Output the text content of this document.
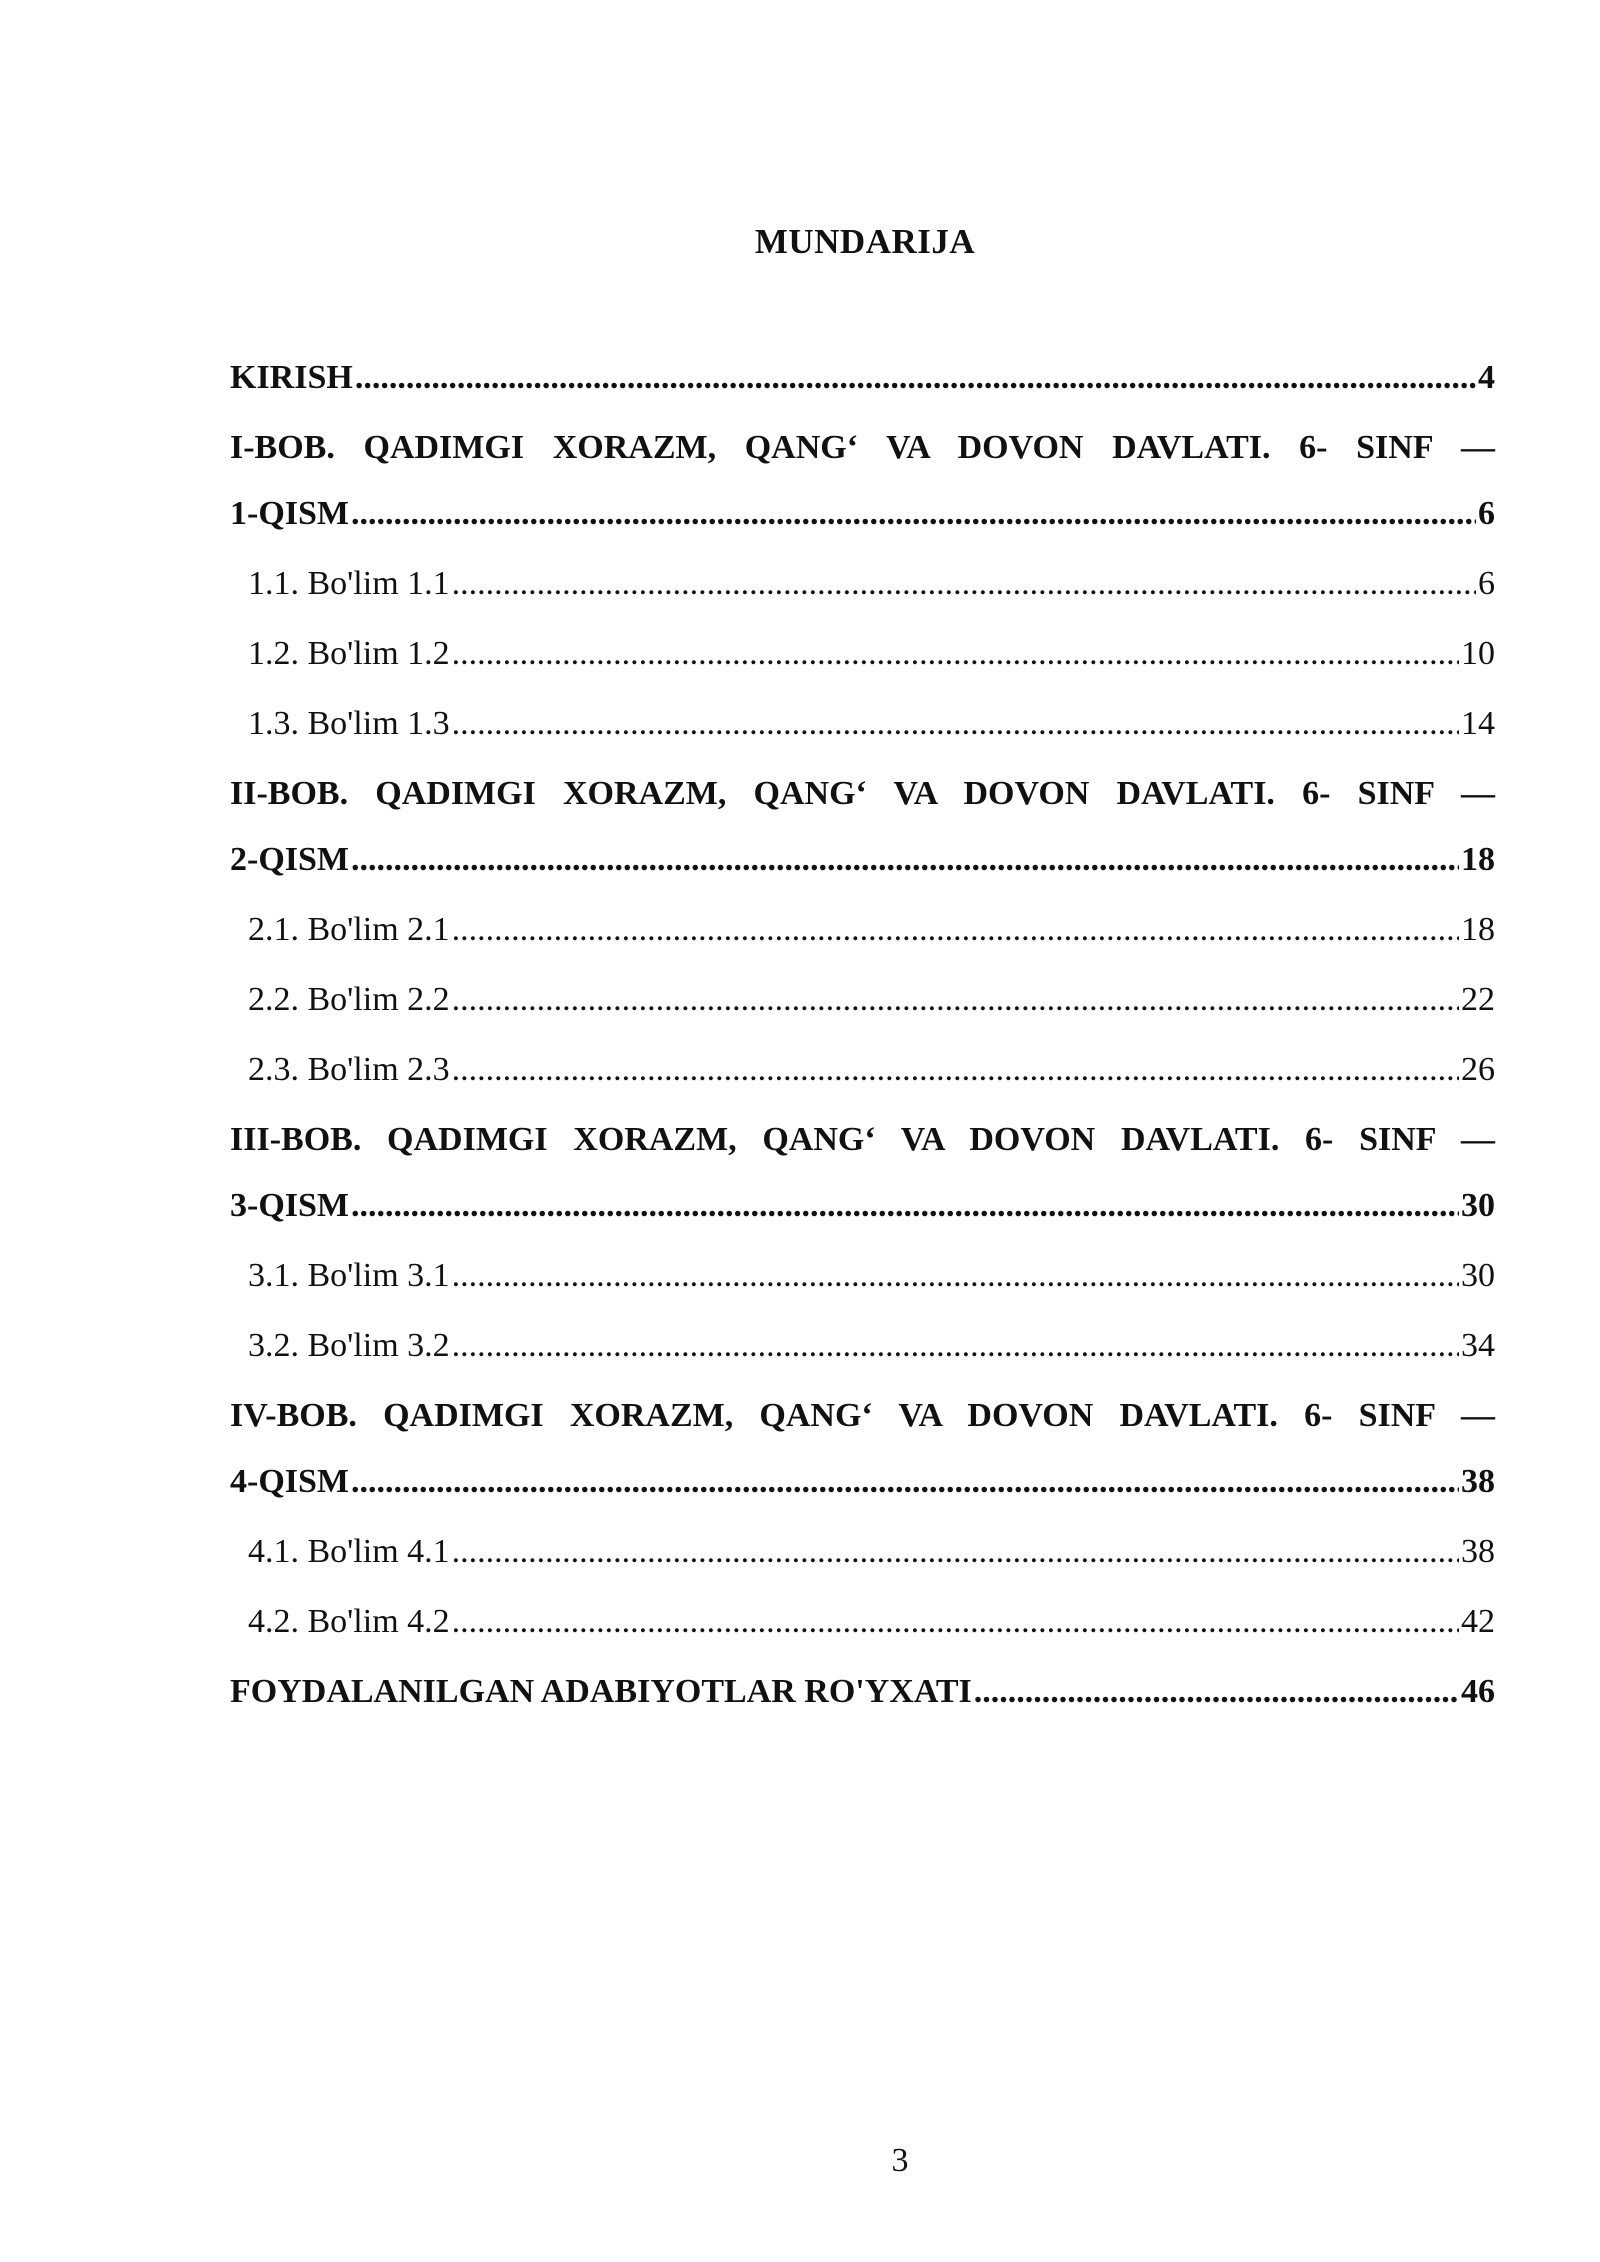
MUNDARIJA
KIRISH .....	4
I-BOB. QADIMGI XORAZM, QANG‘ VA DOVON DAVLATI. 6- SINF —
1-QISM .....	6
1.1. Bo'lim 1.1 .....	6
1.2. Bo'lim 1.2 .....	10
1.3. Bo'lim 1.3 .....	14
II-BOB. QADIMGI XORAZM, QANG‘ VA DOVON DAVLATI. 6- SINF —
2-QISM .....	18
2.1. Bo'lim 2.1 .....	18
2.2. Bo'lim 2.2 .....	22
2.3. Bo'lim 2.3 .....	26
III-BOB. QADIMGI XORAZM, QANG‘ VA DOVON DAVLATI. 6- SINF —
3-QISM .....	30
3.1. Bo'lim 3.1 .....	30
3.2. Bo'lim 3.2 .....	34
IV-BOB. QADIMGI XORAZM, QANG‘ VA DOVON DAVLATI. 6- SINF —
4-QISM .....	38
4.1. Bo'lim 4.1 .....	38
4.2. Bo'lim 4.2 .....	42
FOYDALANILGAN ADABIYOTLAR RO'YXATI .....	46
3
